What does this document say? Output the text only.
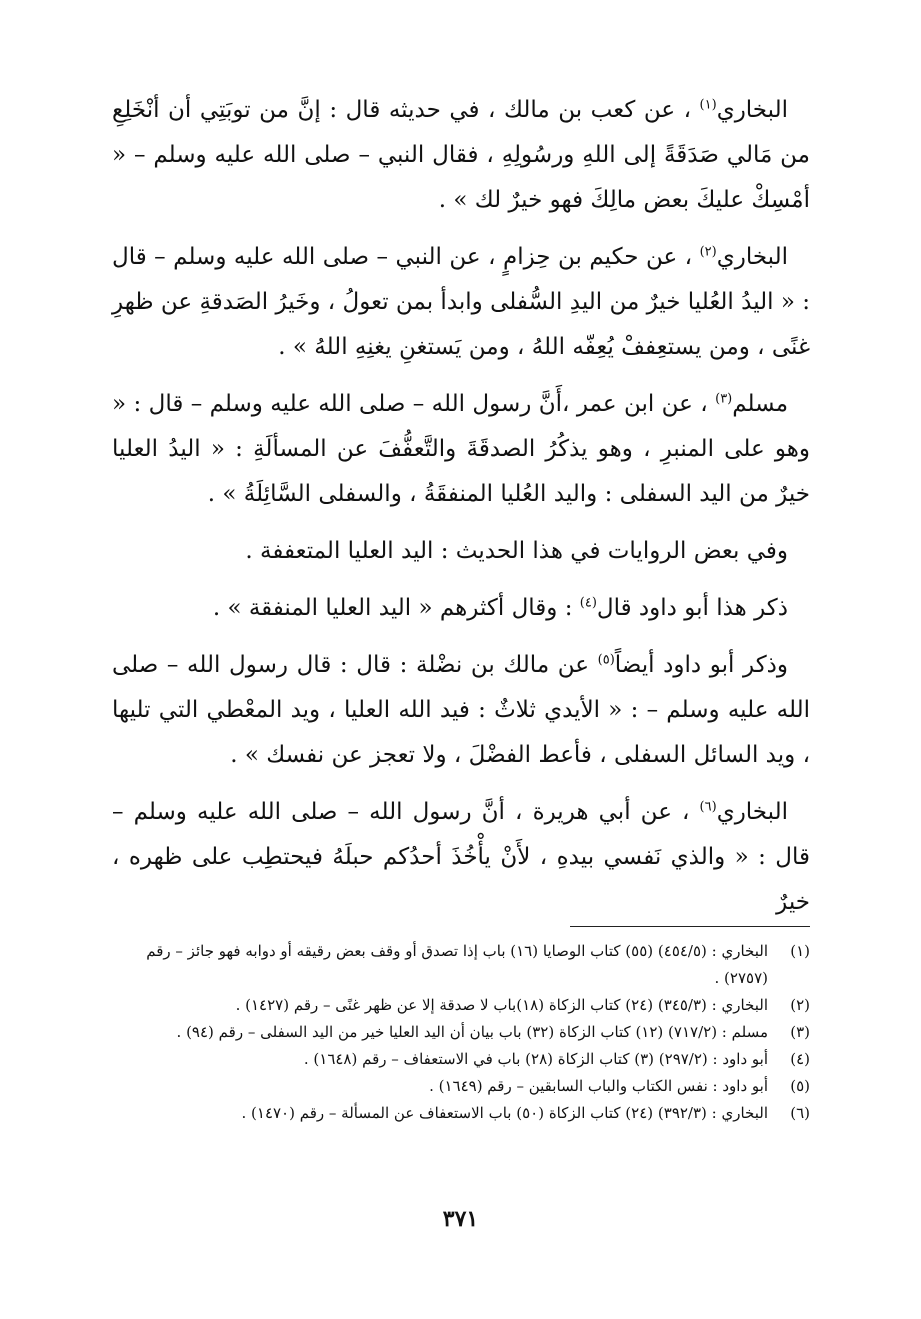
البخاري$^{(١)}$ ، عن كعب بن مالك ، في حديثه قال : إنَّ من توبَتِي أن أنْخَلِعِ من مَالي صَدَقَةً إلى اللهِ ورسُولِهِ ، فقال النبي – صلى الله عليه وسلم – « أمْسِكْ عليكَ بعض مالِكَ فهو خيرٌ لك » .

البخاري$^{(٢)}$ ، عن حكيم بن حِزامٍ ، عن النبي – صلى الله عليه وسلم – قال : « اليدُ العُليا خيرٌ من اليدِ السُّفلى وابدأ بمن تعولُ ، وخَيرُ الصَدقةِ عن ظهرِ غنًى ، ومن يستعِففْ يُعِفّه اللهُ ، ومن يَستغنِ يغنِهِ اللهُ » .

مسلم$^{(٣)}$ ، عن ابن عمر ،أَنَّ رسول الله – صلى الله عليه وسلم – قال : « وهو على المنبرِ ، وهو يذكُرُ الصدقَةَ والتَّعفُّفَ عن المسألَةِ : « اليدُ العليا خيرٌ من اليد السفلى : واليد العُليا المنفقَةُ ، والسفلى السَّائِلَةُ » .

وفي بعض الروايات في هذا الحديث : اليد العليا المتعففة .

ذكر هذا أبو داود قال$^{(٤)}$ : وقال أكثرهم « اليد العليا المنفقة » .

وذكر أبو داود أيضاً$^{(٥)}$ عن مالك بن نضْلة : قال : قال رسول الله – صلى الله عليه وسلم – : « الأيدي ثلاثٌ : فيد الله العليا ، ويد المعْطي التي تليها ، ويد السائل السفلى ، فأعط الفضْلَ ، ولا تعجز عن نفسك » .

البخاري$^{(٦)}$ ، عن أبي هريرة ، أنَّ رسول الله – صلى الله عليه وسلم – قال : « والذي نَفسي بيدهِ ، لأَنْ يأْخُذَ أحدُكم حبلَهُ فيحتطِب على ظهره ، خيرٌ

(١)
البخاري : (٤٥٤/٥) (٥٥) كتاب الوصايا (١٦) باب إذا تصدق أو وقف بعض رقيقه أو دوابه فهو جائز – رقم (٢٧٥٧) .
(٢)
البخاري : (٣٤٥/٣) (٢٤) كتاب الزكاة (١٨)باب لا صدقة إلا عن ظهر غنًى – رقم (١٤٢٧) .
(٣)
مسلم : (٧١٧/٢) (١٢) كتاب الزكاة (٣٢) باب بيان أن اليد العليا خير من اليد السفلى – رقم (٩٤) .
(٤)
أبو داود : (٢٩٧/٢) (٣) كتاب الزكاة (٢٨) باب في الاستعفاف – رقم (١٦٤٨) .
(٥)
أبو داود : نفس الكتاب والباب السابقين – رقم (١٦٤٩) .
(٦)
البخاري : (٣٩٢/٣) (٢٤) كتاب الزكاة (٥٠) باب الاستعفاف عن المسألة – رقم (١٤٧٠) .
٣٧١
